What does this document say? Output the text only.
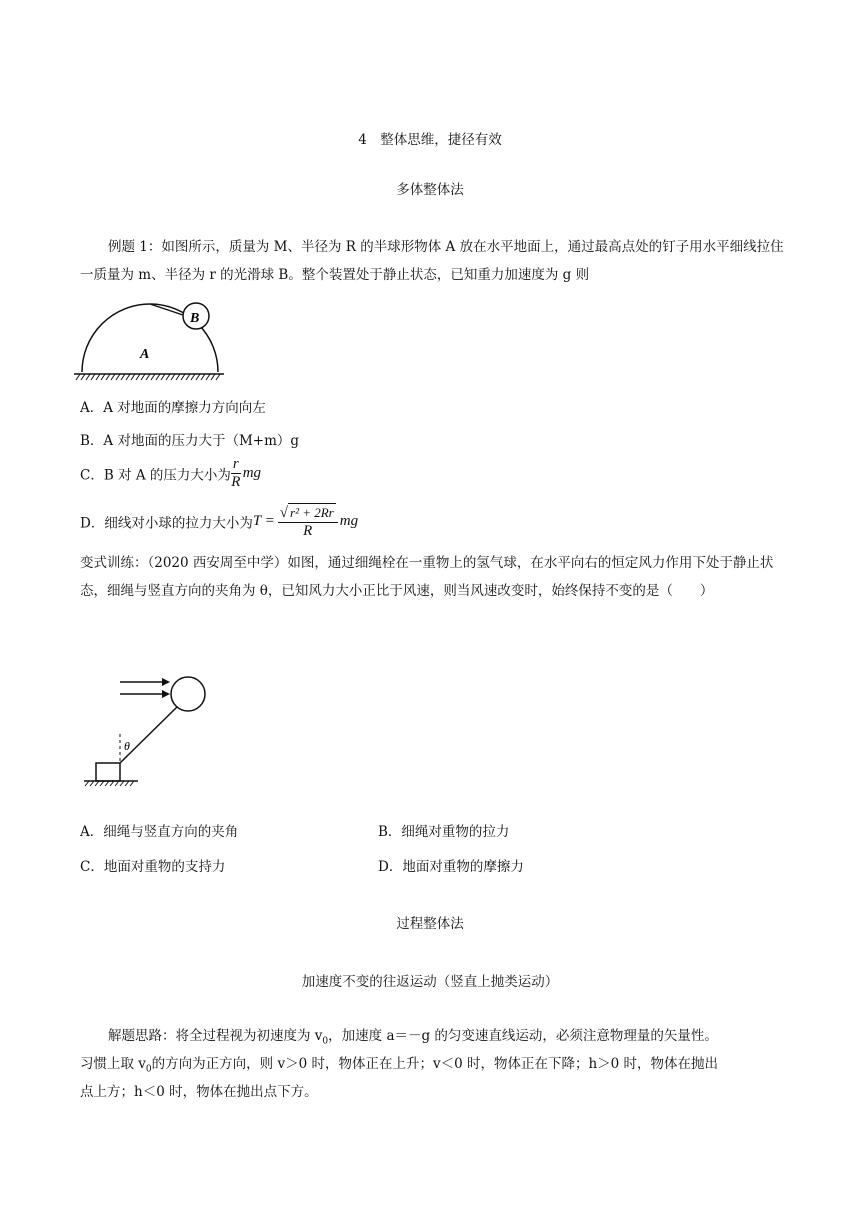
4　整体思维，捷径有效
多体整体法
例题 1：如图所示，质量为 M、半径为 R 的半球形物体 A 放在水平地面上，通过最高点处的钉子用水平细线拉住一质量为 m、半径为 r 的光滑球 B。整个装置处于静止状态，已知重力加速度为 g 则
B
A
A．A 对地面的摩擦力方向向左
B．A 对地面的压力大于（M+m）g
C．B 对 A 的压力大小为 $\frac{r}{R}$ mg
D．细线对小球的拉力大小为$T = \frac{\text{√ r² + 2Rr}}{R}$ mg
变式训练：（2020 西安周至中学）如图，通过细绳栓在一重物上的氢气球，在水平向右的恒定风力作用下处于静止状态，细绳与竖直方向的夹角为 θ，已知风力大小正比于风速，则当风速改变时，始终保持不变的是（　　）
θ
A．细绳与竖直方向的夹角	B．细绳对重物的拉力
C．地面对重物的支持力	D．地面对重物的摩擦力
过程整体法
加速度不变的往返运动（竖直上抛类运动）
解题思路：将全过程视为初速度为 $v_0$，加速度 a＝－g 的匀变速直线运动，必须注意物理量的矢量性。
习惯上取 $v_0$的方向为正方向，则 v＞0 时，物体正在上升；v＜0 时，物体正在下降；h＞0 时，物体在抛出
点上方；h＜0 时，物体在抛出点下方。
